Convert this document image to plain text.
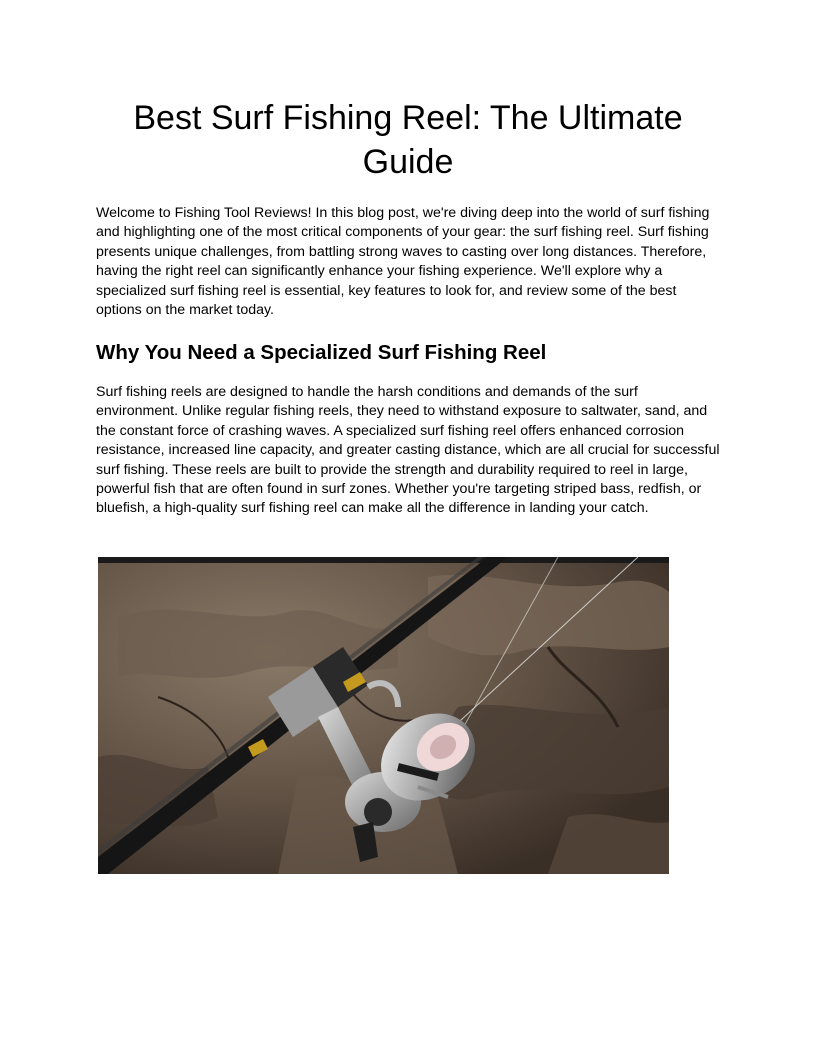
Best Surf Fishing Reel: The Ultimate Guide

Welcome to Fishing Tool Reviews! In this blog post, we're diving deep into the world of surf fishing and highlighting one of the most critical components of your gear: the surf fishing reel. Surf fishing presents unique challenges, from battling strong waves to casting over long distances. Therefore, having the right reel can significantly enhance your fishing experience. We'll explore why a specialized surf fishing reel is essential, key features to look for, and review some of the best options on the market today.

Why You Need a Specialized Surf Fishing Reel

Surf fishing reels are designed to handle the harsh conditions and demands of the surf environment. Unlike regular fishing reels, they need to withstand exposure to saltwater, sand, and the constant force of crashing waves. A specialized surf fishing reel offers enhanced corrosion resistance, increased line capacity, and greater casting distance, which are all crucial for successful surf fishing. These reels are built to provide the strength and durability required to reel in large, powerful fish that are often found in surf zones. Whether you're targeting striped bass, redfish, or bluefish, a high-quality surf fishing reel can make all the difference in landing your catch.
